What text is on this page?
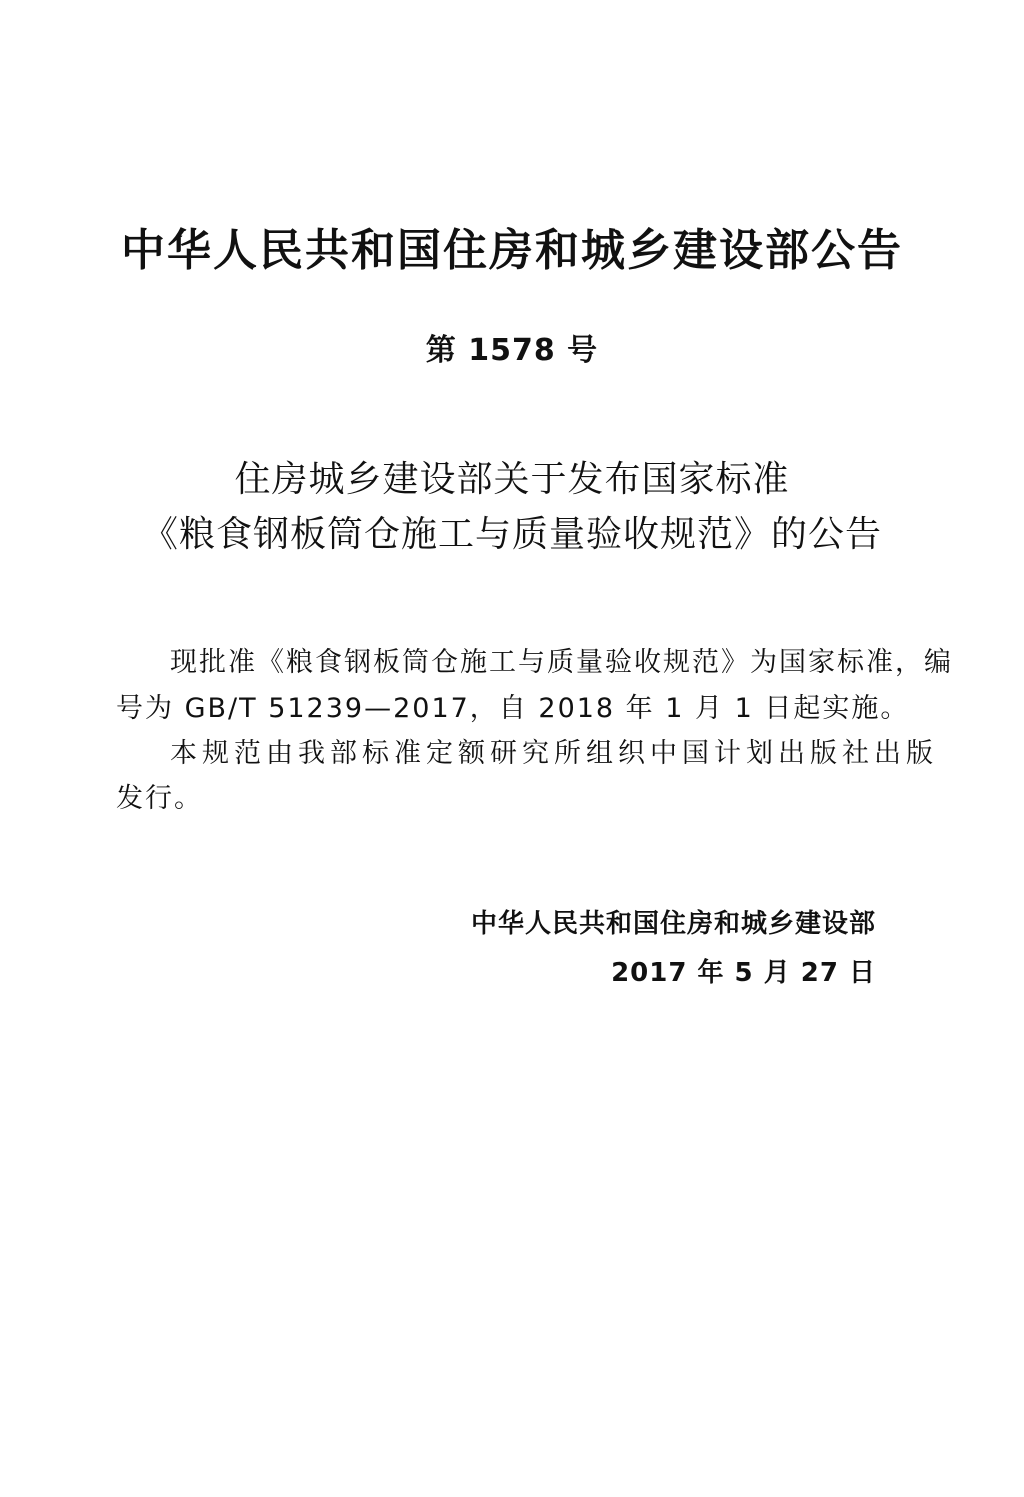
中华人民共和国住房和城乡建设部公告
第 1578 号
住房城乡建设部关于发布国家标准
《粮食钢板筒仓施工与质量验收规范》的公告
现批准《粮食钢板筒仓施工与质量验收规范》为国家标准，编
号为 GB/T 51239—2017，自 2018 年 1 月 1 日起实施。
本规范由我部标准定额研究所组织中国计划出版社出版
发行。
中华人民共和国住房和城乡建设部
2017 年 5 月 27 日
